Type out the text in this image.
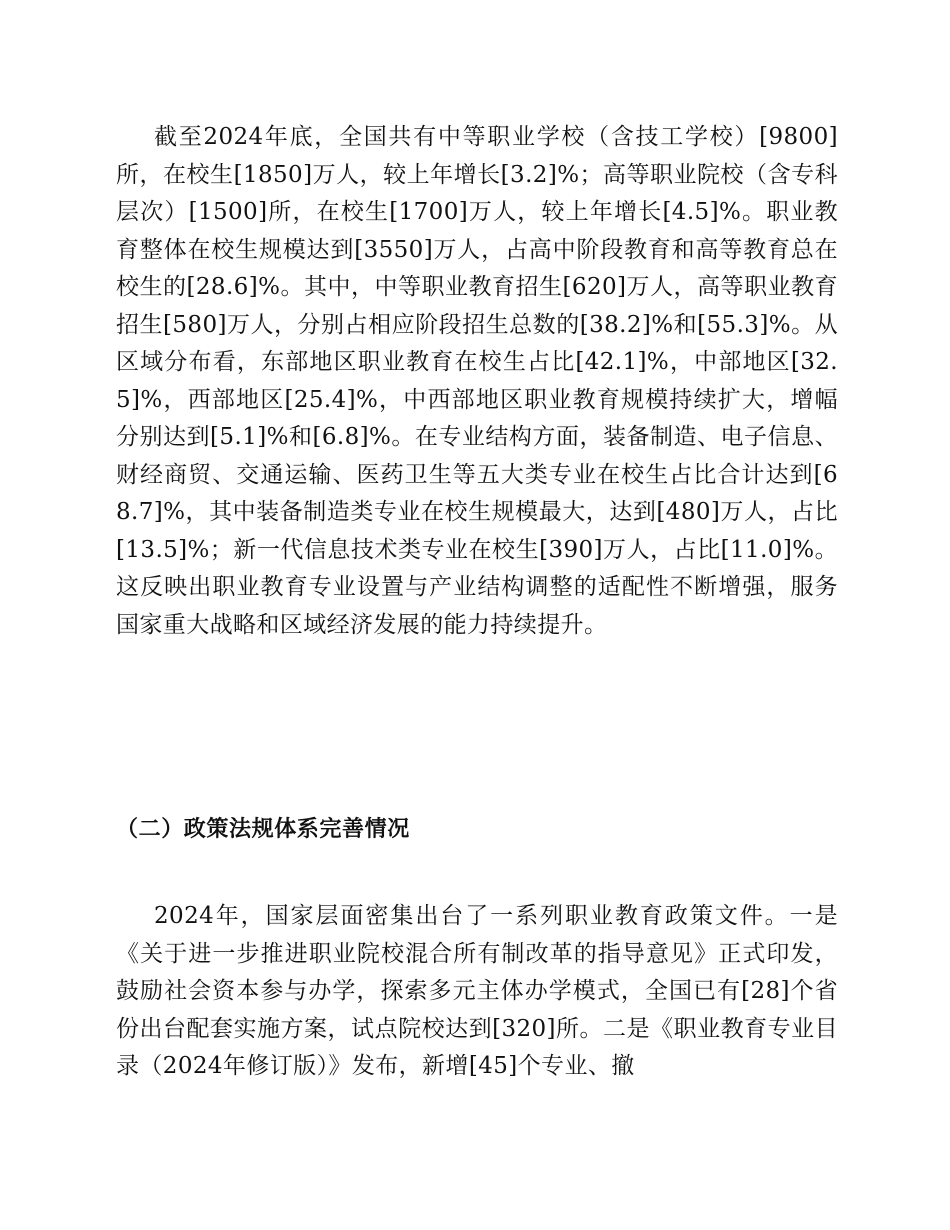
截至2024年底，全国共有中等职业学校（含技工学校）[9800]所，在校生[1850]万人，较上年增长[3.2]%；高等职业院校（含专科层次）[1500]所，在校生[1700]万人，较上年增长[4.5]%。职业教育整体在校生规模达到[3550]万人，占高中阶段教育和高等教育总在校生的[28.6]%。其中，中等职业教育招生[620]万人，高等职业教育招生[580]万人，分别占相应阶段招生总数的[38.2]%和[55.3]%。从区域分布看，东部地区职业教育在校生占比[42.1]%，中部地区[32.5]%，西部地区[25.4]%，中西部地区职业教育规模持续扩大，增幅分别达到[5.1]%和[6.8]%。在专业结构方面，装备制造、电子信息、财经商贸、交通运输、医药卫生等五大类专业在校生占比合计达到[68.7]%，其中装备制造类专业在校生规模最大，达到[480]万人，占比[13.5]%；新一代信息技术类专业在校生[390]万人，占比[11.0]%。这反映出职业教育专业设置与产业结构调整的适配性不断增强，服务国家重大战略和区域经济发展的能力持续提升。

（二）政策法规体系完善情况

2024年，国家层面密集出台了一系列职业教育政策文件。一是《关于进一步推进职业院校混合所有制改革的指导意见》正式印发，鼓励社会资本参与办学，探索多元主体办学模式，全国已有[28]个省份出台配套实施方案，试点院校达到[320]所。二是《职业教育专业目录（2024年修订版）》发布，新增[45]个专业、撤
